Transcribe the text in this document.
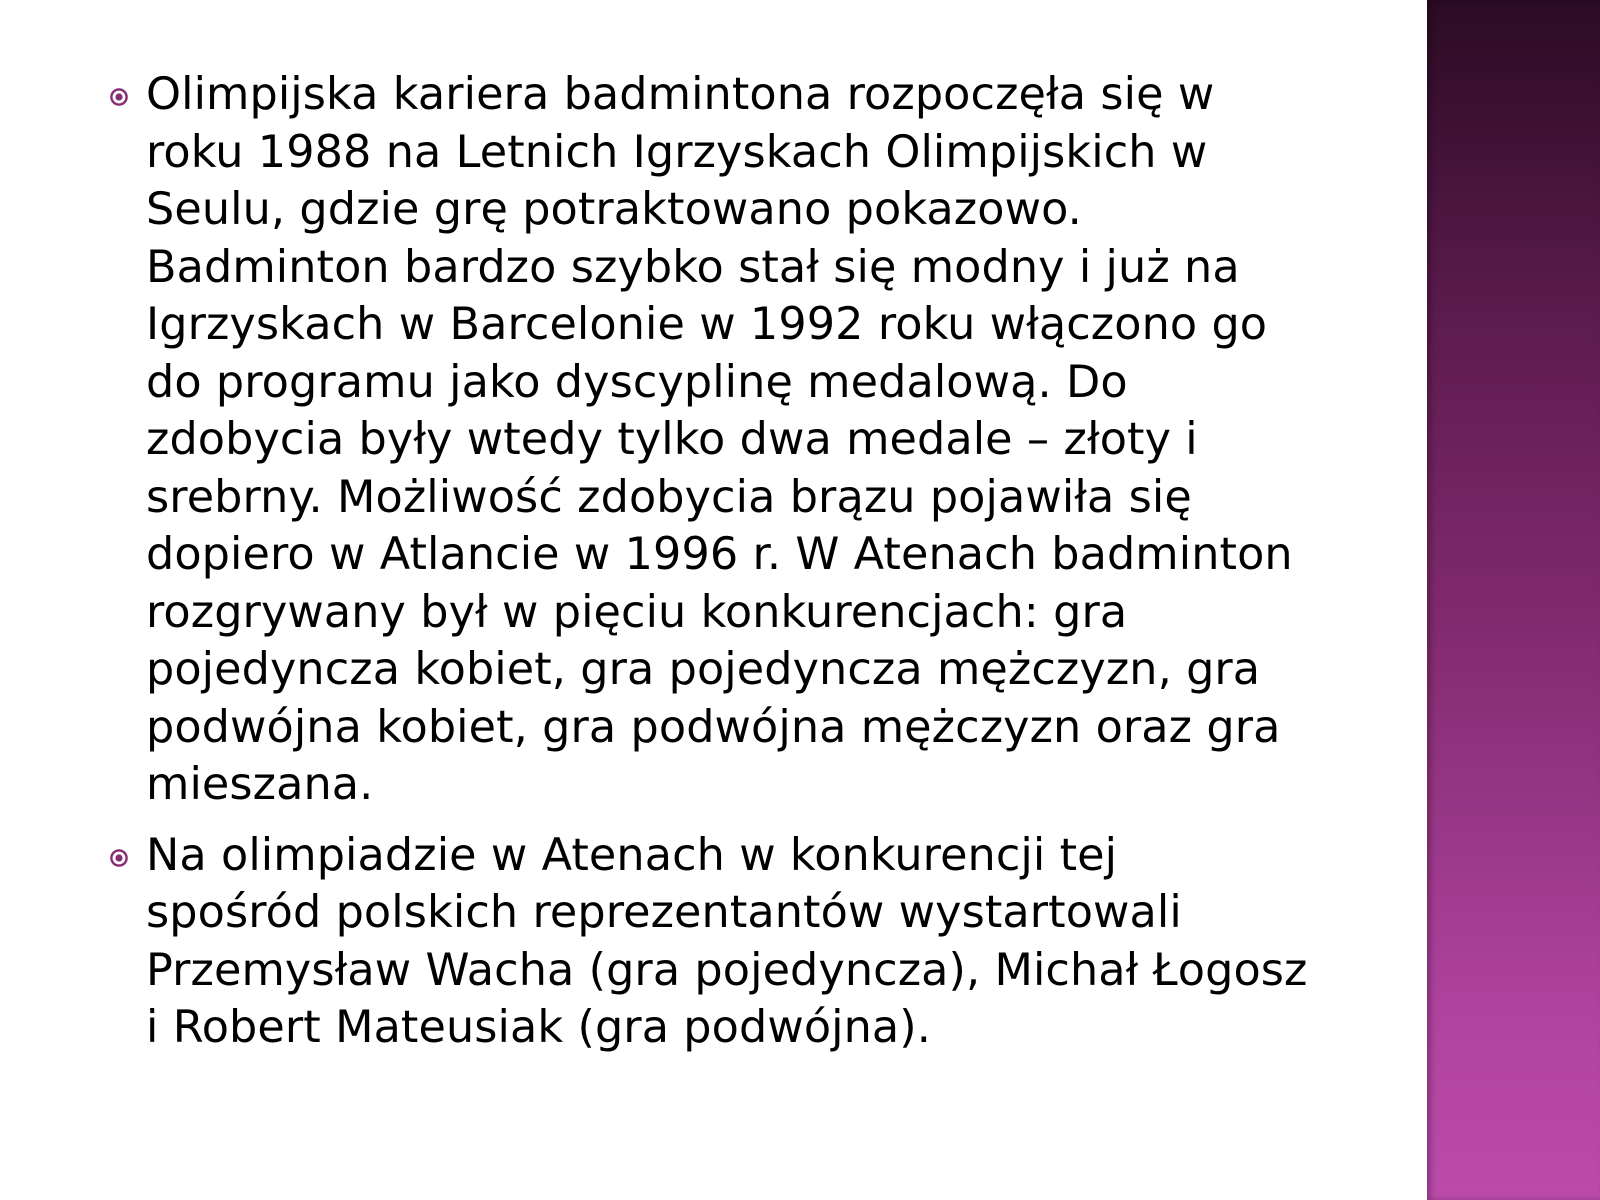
Olimpijska kariera badmintona rozpoczęła się w
roku 1988 na Letnich Igrzyskach Olimpijskich w
Seulu, gdzie grę potraktowano pokazowo.
Badminton bardzo szybko stał się modny i już na
Igrzyskach w Barcelonie w 1992 roku włączono go
do programu jako dyscyplinę medalową. Do
zdobycia były wtedy tylko dwa medale – złoty i
srebrny. Możliwość zdobycia brązu pojawiła się
dopiero w Atlancie w 1996 r. W Atenach badminton
rozgrywany był w pięciu konkurencjach: gra
pojedyncza kobiet, gra pojedyncza mężczyzn, gra
podwójna kobiet, gra podwójna mężczyzn oraz gra
mieszana.
Na olimpiadzie w Atenach w konkurencji tej
spośród polskich reprezentantów wystartowali
Przemysław Wacha (gra pojedyncza), Michał Łogosz
i Robert Mateusiak (gra podwójna).
